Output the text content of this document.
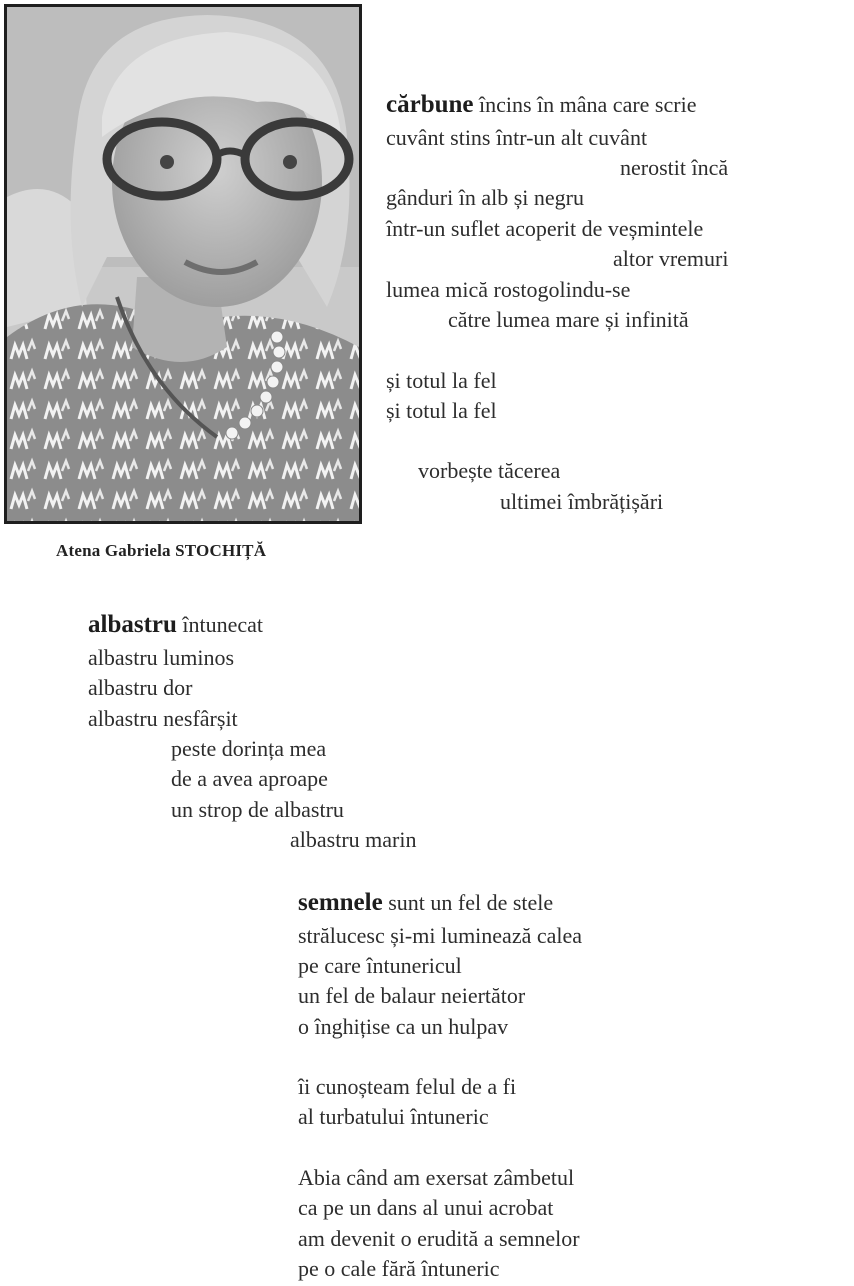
Atena Gabriela STOCHIȚĂ
cărbune încins în mâna care scrie
cuvânt stins într-un alt cuvânt
nerostit încă
gânduri în alb și negru
într-un suflet acoperit de veșmintele
altor vremuri
lumea mică rostogolindu-se
către lumea mare și infinită
și totul la fel
și totul la fel
vorbește tăcerea
ultimei îmbrățișări
albastru întunecat
albastru luminos
albastru dor
albastru nesfârșit
peste dorința mea
de a avea aproape
un strop de albastru
albastru marin
semnele sunt un fel de stele
strălucesc și-mi luminează calea
pe care întunericul
un fel de balaur neiertător
o înghițise ca un hulpav
îi cunoșteam felul de a fi
al turbatului întuneric
Abia când am exersat zâmbetul
ca pe un dans al unui acrobat
am devenit o erudită a semnelor
pe o cale fără întuneric
